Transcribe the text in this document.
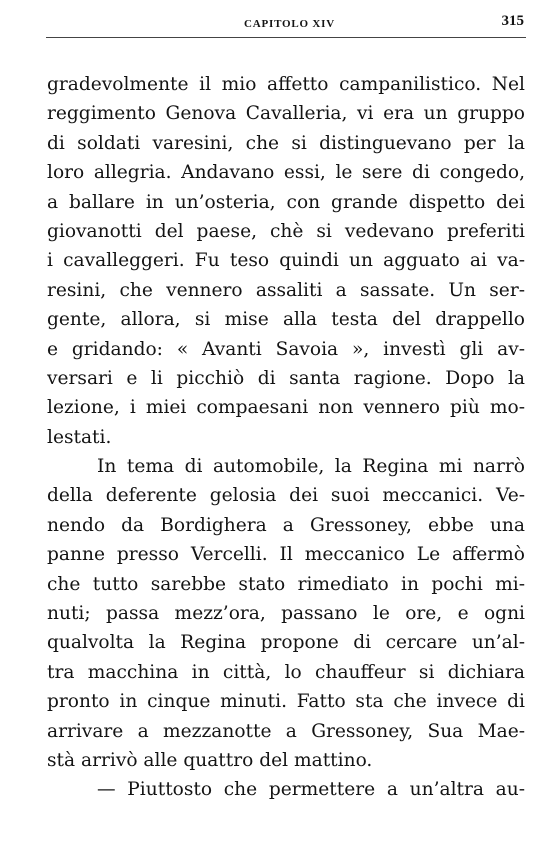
CAPITOLO XIV	315
gradevolmente il mio affetto campanilistico. Nel
reggimento Genova Cavalleria, vi era un gruppo
di soldati varesini, che si distinguevano per la
loro allegria. Andavano essi, le sere di congedo,
a ballare in un’osteria, con grande dispetto dei
giovanotti del paese, chè si vedevano preferiti
i cavalleggeri. Fu teso quindi un agguato ai va-
resini, che vennero assaliti a sassate. Un ser-
gente, allora, si mise alla testa del drappello
e gridando: « Avanti Savoia », investì gli av-
versari e li picchiò di santa ragione. Dopo la
lezione, i miei compaesani non vennero più mo-
lestati.
In tema di automobile, la Regina mi narrò
della deferente gelosia dei suoi meccanici. Ve-
nendo da Bordighera a Gressoney, ebbe una
panne presso Vercelli. Il meccanico Le affermò
che tutto sarebbe stato rimediato in pochi mi-
nuti; passa mezz’ora, passano le ore, e ogni
qualvolta la Regina propone di cercare un’al-
tra macchina in città, lo chauffeur si dichiara
pronto in cinque minuti. Fatto sta che invece di
arrivare a mezzanotte a Gressoney, Sua Mae-
stà arrivò alle quattro del mattino.
— Piuttosto che permettere a un’altra au-
